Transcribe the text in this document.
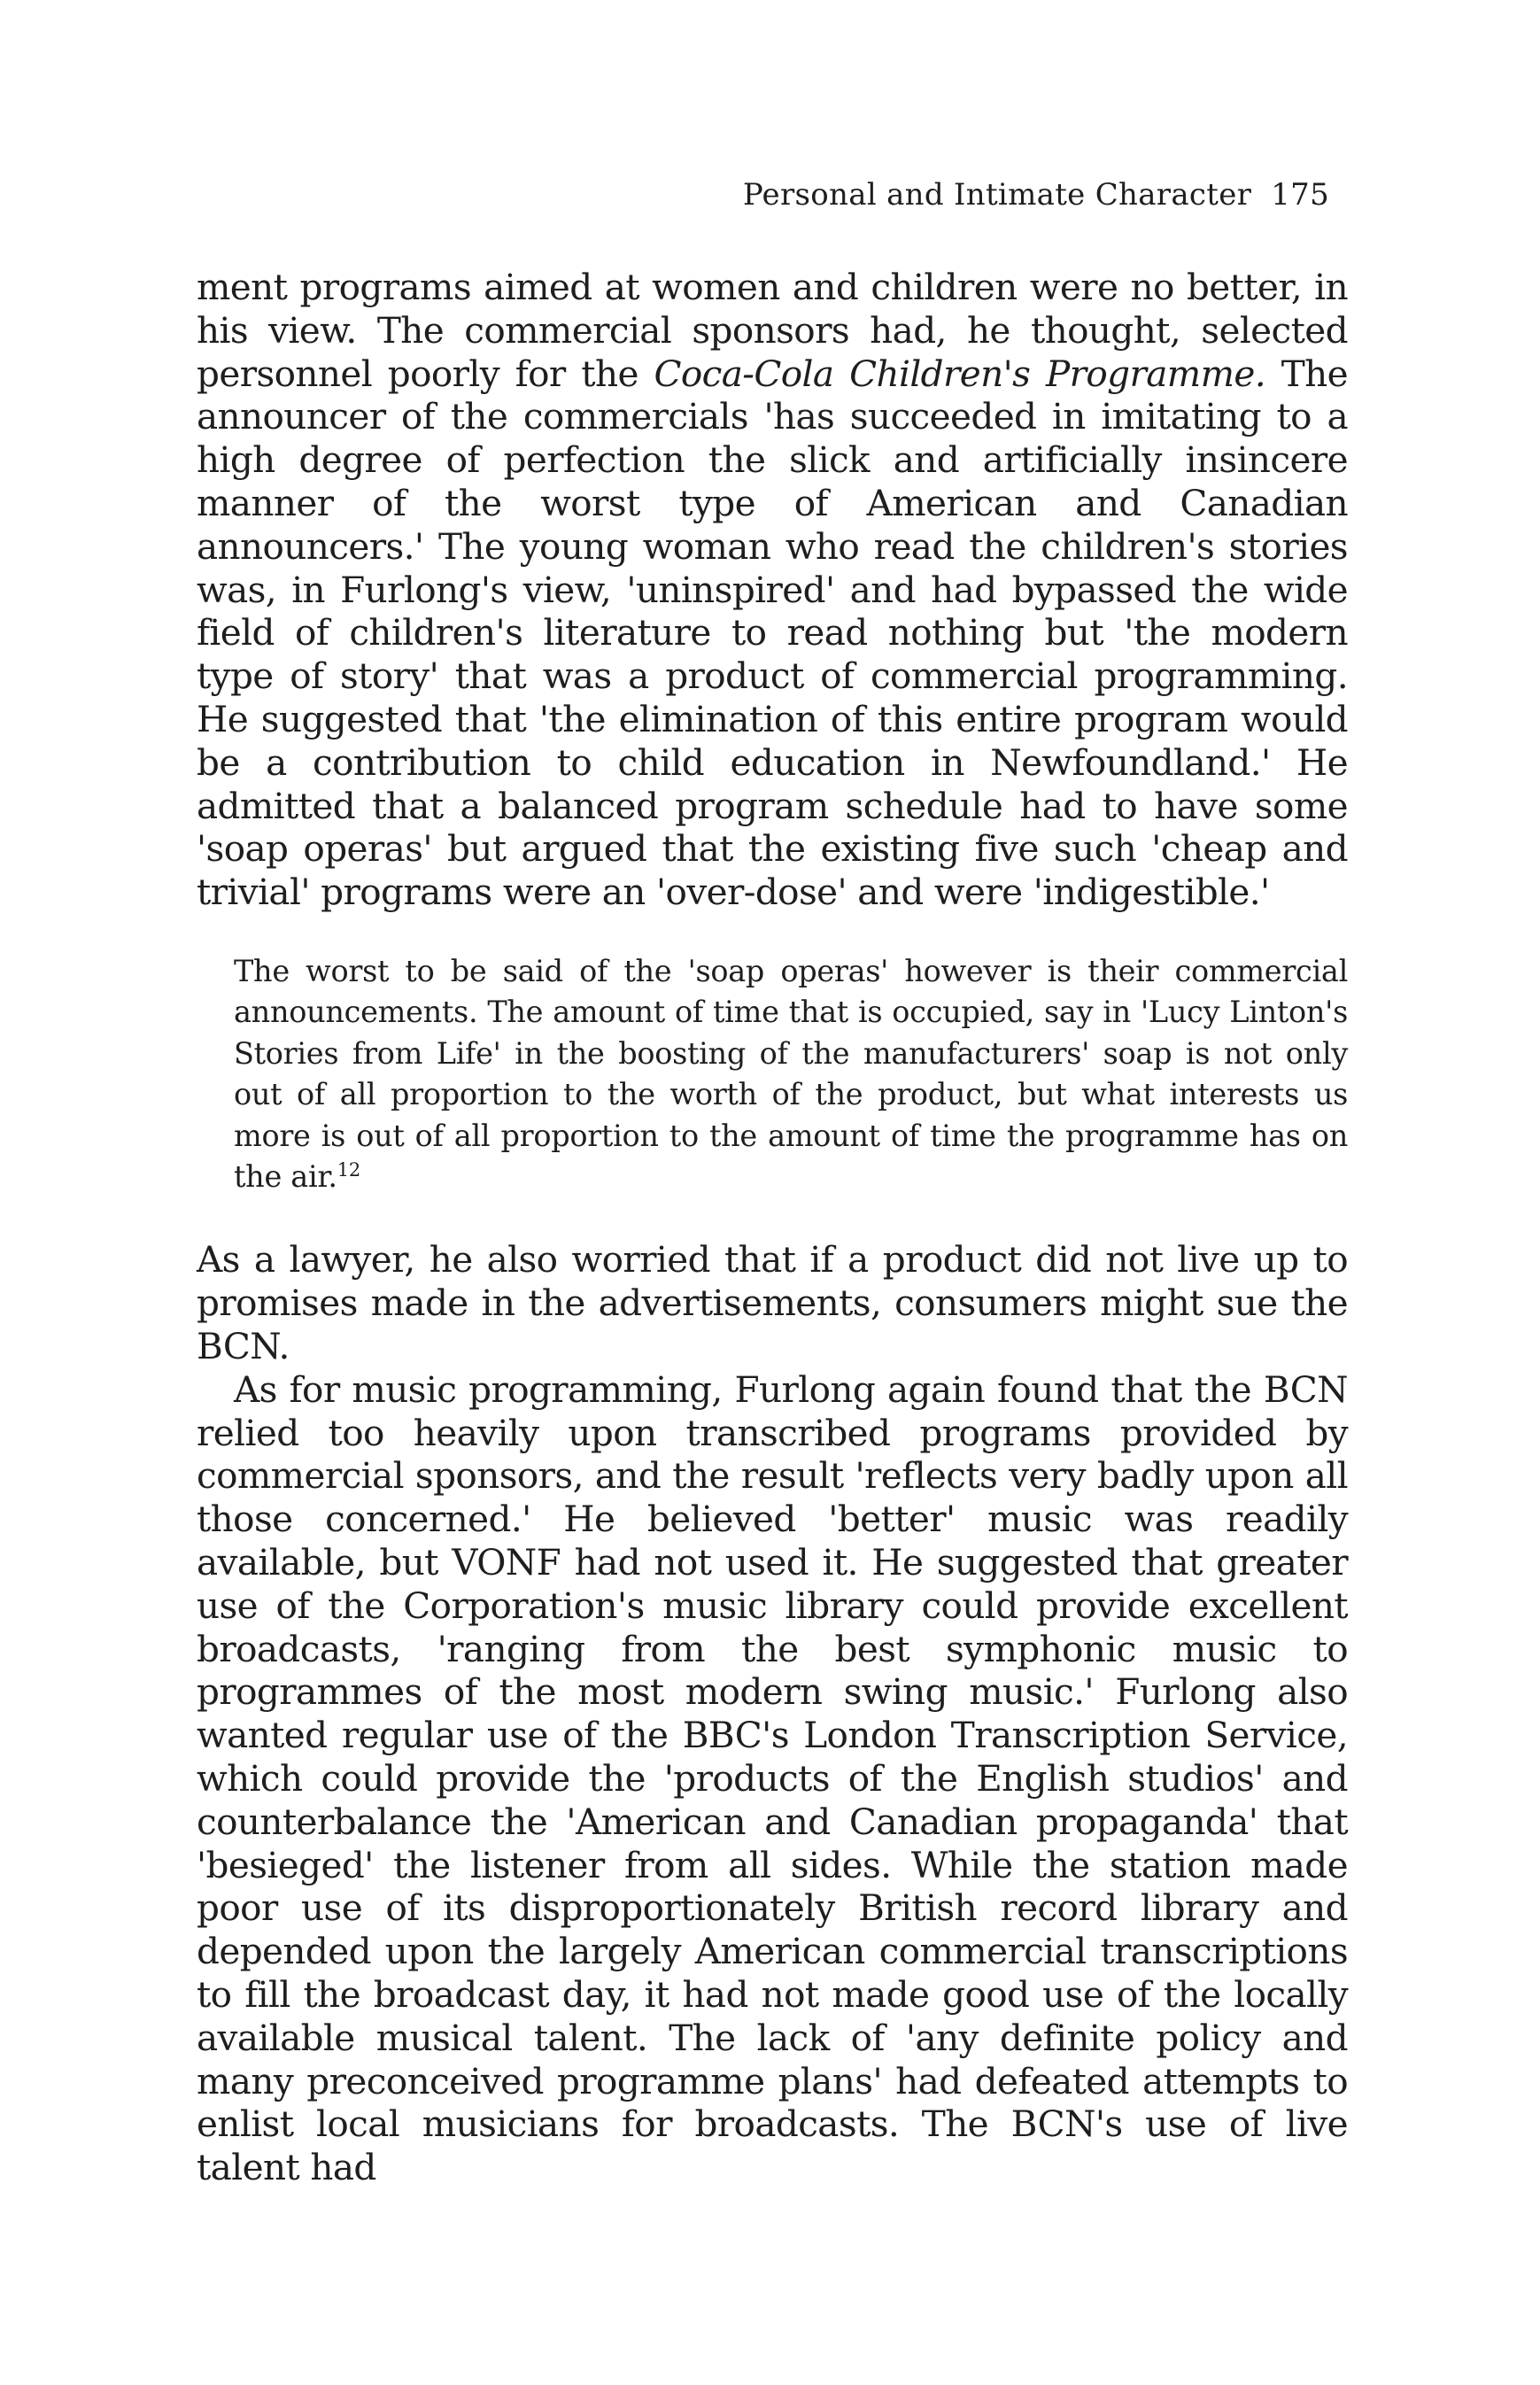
Personal and Intimate Character 175

ment programs aimed at women and children were no better, in his view. The commercial sponsors had, he thought, selected personnel poorly for the Coca-Cola Children's Programme. The announcer of the commercials 'has succeeded in imitating to a high degree of perfection the slick and artificially insincere manner of the worst type of American and Canadian announcers.' The young woman who read the children's stories was, in Furlong's view, 'uninspired' and had bypassed the wide field of children's literature to read nothing but 'the modern type of story' that was a product of commercial programming. He suggested that 'the elimination of this entire program would be a contribution to child education in Newfoundland.' He admitted that a balanced program schedule had to have some 'soap operas' but argued that the existing five such 'cheap and trivial' programs were an 'over-dose' and were 'indigestible.'

The worst to be said of the 'soap operas' however is their commercial announcements. The amount of time that is occupied, say in 'Lucy Linton's Stories from Life' in the boosting of the manufacturers' soap is not only out of all proportion to the worth of the product, but what interests us more is out of all proportion to the amount of time the programme has on the air.$^{12}$

As a lawyer, he also worried that if a product did not live up to promises made in the advertisements, consumers might sue the BCN.

As for music programming, Furlong again found that the BCN relied too heavily upon transcribed programs provided by commercial sponsors, and the result 'reflects very badly upon all those concerned.' He believed 'better' music was readily available, but VONF had not used it. He suggested that greater use of the Corporation's music library could provide excellent broadcasts, 'ranging from the best symphonic music to programmes of the most modern swing music.' Furlong also wanted regular use of the BBC's London Transcription Service, which could provide the 'products of the English studios' and counterbalance the 'American and Canadian propaganda' that 'besieged' the listener from all sides. While the station made poor use of its disproportionately British record library and depended upon the largely American commercial transcriptions to fill the broadcast day, it had not made good use of the locally available musical talent. The lack of 'any definite policy and many preconceived programme plans' had defeated attempts to enlist local musicians for broadcasts. The BCN's use of live talent had
